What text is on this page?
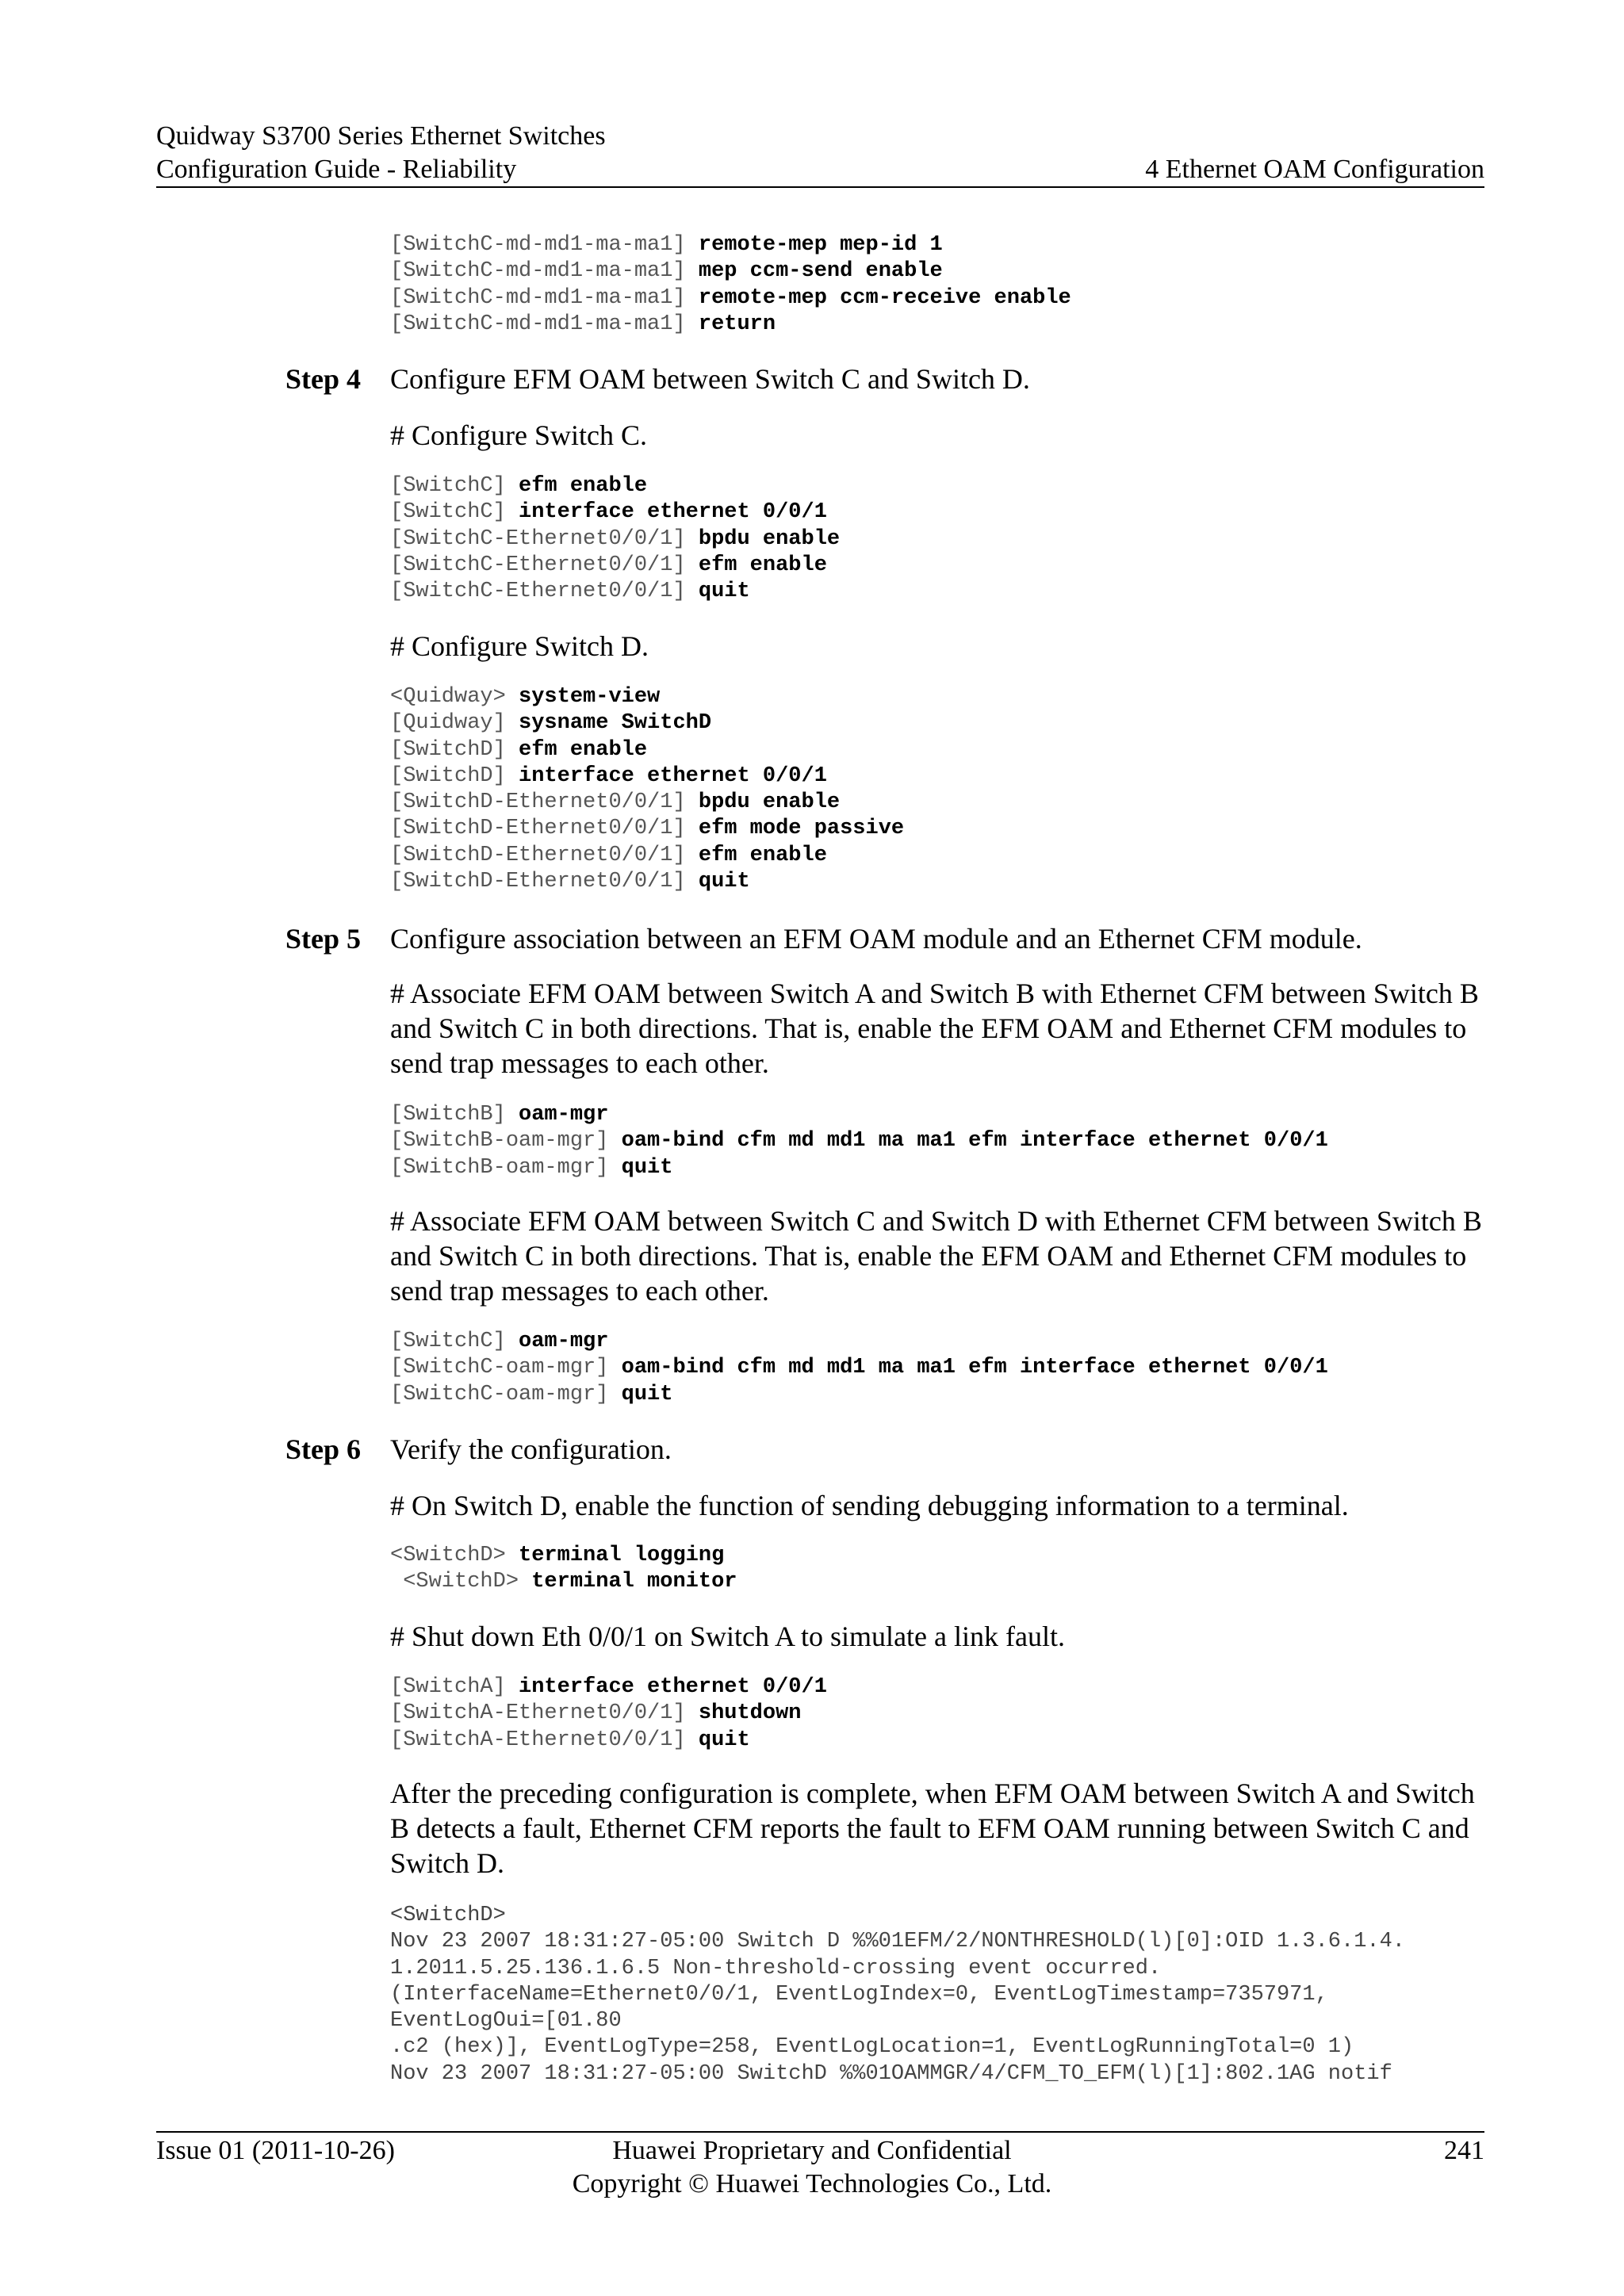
Quidway S3700 Series Ethernet Switches
Configuration Guide - Reliability	4 Ethernet OAM Configuration
[SwitchC-md-md1-ma-ma1] remote-mep mep-id 1
[SwitchC-md-md1-ma-ma1] mep ccm-send enable
[SwitchC-md-md1-ma-ma1] remote-mep ccm-receive enable
[SwitchC-md-md1-ma-ma1] return
Step 4 Configure EFM OAM between Switch C and Switch D.
# Configure Switch C.
[SwitchC] efm enable
[SwitchC] interface ethernet 0/0/1
[SwitchC-Ethernet0/0/1] bpdu enable
[SwitchC-Ethernet0/0/1] efm enable
[SwitchC-Ethernet0/0/1] quit
# Configure Switch D.
<Quidway> system-view
[Quidway] sysname SwitchD
[SwitchD] efm enable
[SwitchD] interface ethernet 0/0/1
[SwitchD-Ethernet0/0/1] bpdu enable
[SwitchD-Ethernet0/0/1] efm mode passive
[SwitchD-Ethernet0/0/1] efm enable
[SwitchD-Ethernet0/0/1] quit
Step 5 Configure association between an EFM OAM module and an Ethernet CFM module.
# Associate EFM OAM between Switch A and Switch B with Ethernet CFM between Switch B and Switch C in both directions. That is, enable the EFM OAM and Ethernet CFM modules to send trap messages to each other.
[SwitchB] oam-mgr
[SwitchB-oam-mgr] oam-bind cfm md md1 ma ma1 efm interface ethernet 0/0/1
[SwitchB-oam-mgr] quit
# Associate EFM OAM between Switch C and Switch D with Ethernet CFM between Switch B and Switch C in both directions. That is, enable the EFM OAM and Ethernet CFM modules to send trap messages to each other.
[SwitchC] oam-mgr
[SwitchC-oam-mgr] oam-bind cfm md md1 ma ma1 efm interface ethernet 0/0/1
[SwitchC-oam-mgr] quit
Step 6 Verify the configuration.
# On Switch D, enable the function of sending debugging information to a terminal.
<SwitchD> terminal logging
<SwitchD> terminal monitor
# Shut down Eth 0/0/1 on Switch A to simulate a link fault.
[SwitchA] interface ethernet 0/0/1
[SwitchA-Ethernet0/0/1] shutdown
[SwitchA-Ethernet0/0/1] quit
After the preceding configuration is complete, when EFM OAM between Switch A and Switch B detects a fault, Ethernet CFM reports the fault to EFM OAM running between Switch C and Switch D.
<SwitchD>
Nov 23 2007 18:31:27-05:00 Switch D %%01EFM/2/NONTHRESHOLD(l)[0]:OID 1.3.6.1.4.
1.2011.5.25.136.1.6.5 Non-threshold-crossing event occurred.
(InterfaceName=Ethernet0/0/1, EventLogIndex=0, EventLogTimestamp=7357971,
EventLogOui=[01.80
.c2 (hex)], EventLogType=258, EventLogLocation=1, EventLogRunningTotal=0 1)
Nov 23 2007 18:31:27-05:00 SwitchD %%01OAMMGR/4/CFM_TO_EFM(l)[1]:802.1AG notif
Issue 01 (2011-10-26)	Huawei Proprietary and Confidential
Copyright © Huawei Technologies Co., Ltd.
241
